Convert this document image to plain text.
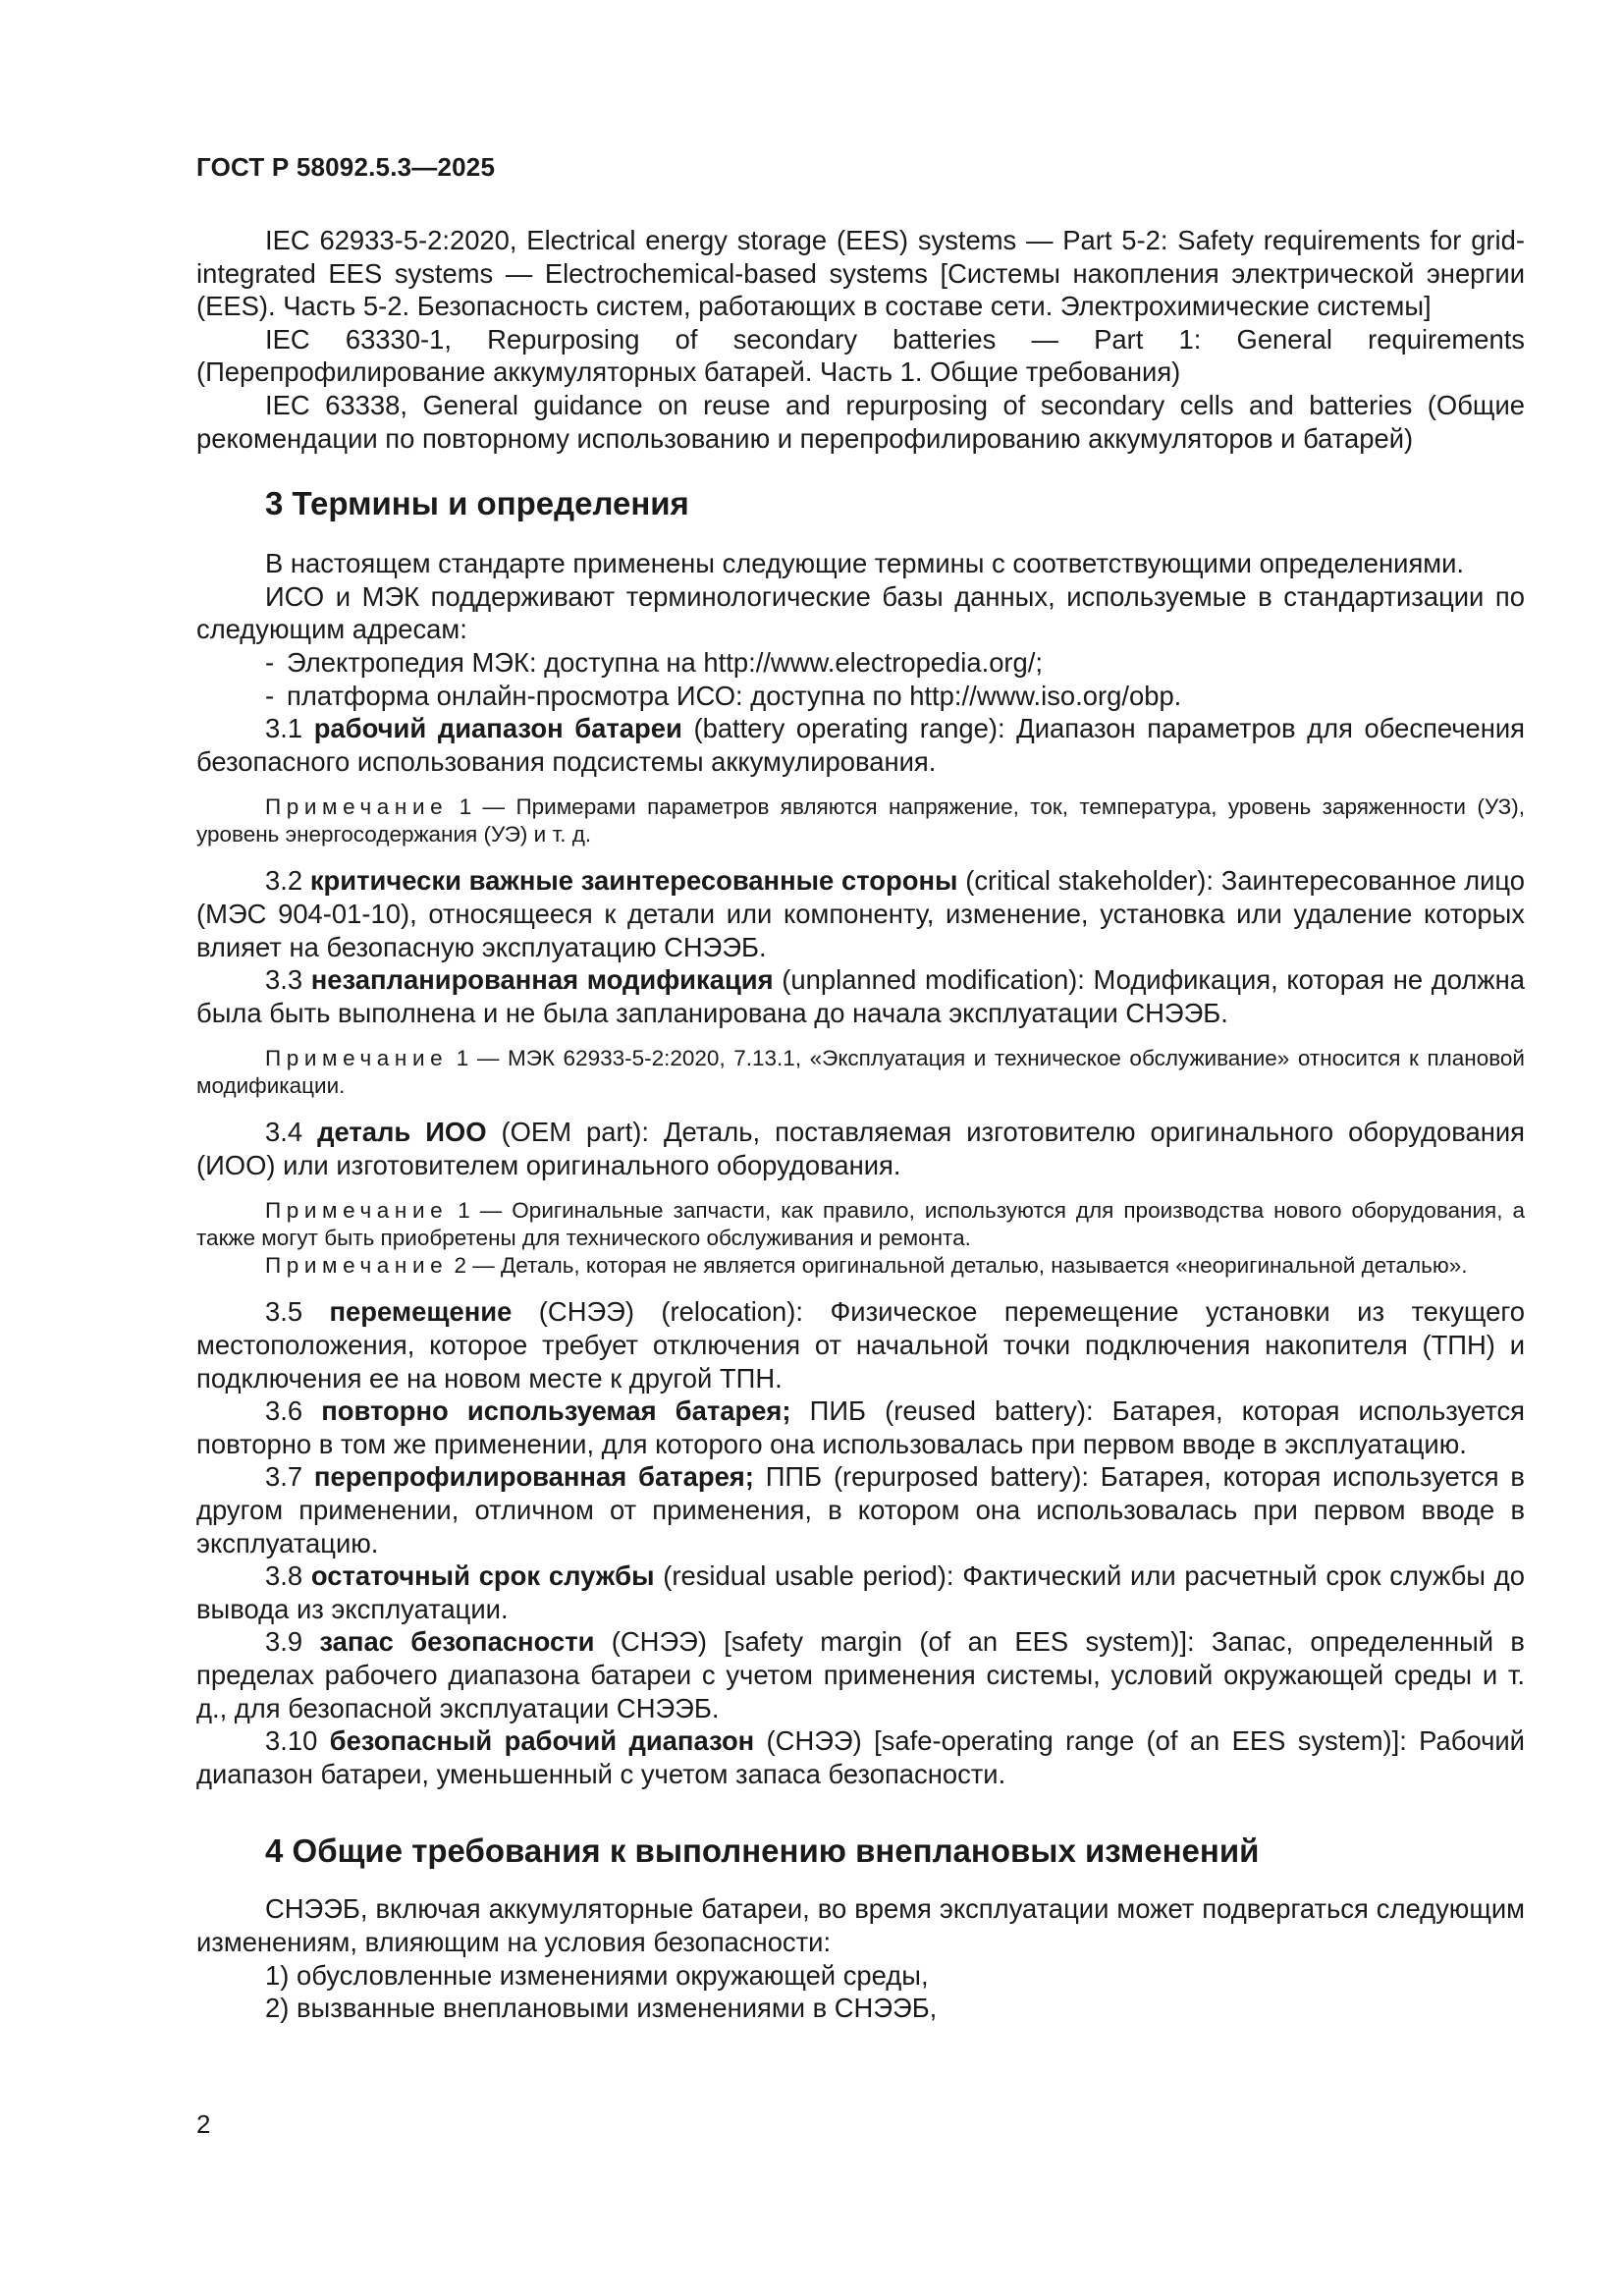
ГОСТ Р 58092.5.3—2025

IEC 62933-5-2:2020, Electrical energy storage (EES) systems — Part 5-2: Safety requirements for grid-integrated EES systems — Electrochemical-based systems [Системы накопления электрической энергии (EES). Часть 5-2. Безопасность систем, работающих в составе сети. Электрохимические системы]

IEC 63330-1, Repurposing of secondary batteries — Part 1: General requirements (Перепрофилирование аккумуляторных батарей. Часть 1. Общие требования)

IEC 63338, General guidance on reuse and repurposing of secondary cells and batteries (Общие рекомендации по повторному использованию и перепрофилированию аккумуляторов и батарей)

3 Термины и определения

В настоящем стандарте применены следующие термины с соответствующими определениями.

ИСО и МЭК поддерживают терминологические базы данных, используемые в стандартизации по следующим адресам:

- Электропедия МЭК: доступна на http://www.electropedia.org/;
- платформа онлайн-просмотра ИСО: доступна по http://www.iso.org/obp.

3.1 рабочий диапазон батареи (battery operating range): Диапазон параметров для обеспечения безопасного использования подсистемы аккумулирования.

Примечание 1 — Примерами параметров являются напряжение, ток, температура, уровень заряженности (УЗ), уровень энергосодержания (УЭ) и т. д.

3.2 критически важные заинтересованные стороны (critical stakeholder): Заинтересованное лицо (МЭС 904-01-10), относящееся к детали или компоненту, изменение, установка или удаление которых влияет на безопасную эксплуатацию СНЭЭБ.

3.3 незапланированная модификация (unplanned modification): Модификация, которая не должна была быть выполнена и не была запланирована до начала эксплуатации СНЭЭБ.

Примечание 1 — МЭК 62933-5-2:2020, 7.13.1, «Эксплуатация и техническое обслуживание» относится к плановой модификации.

3.4 деталь ИОО (OEM part): Деталь, поставляемая изготовителю оригинального оборудования (ИОО) или изготовителем оригинального оборудования.

Примечание 1 — Оригинальные запчасти, как правило, используются для производства нового оборудования, а также могут быть приобретены для технического обслуживания и ремонта.

Примечание 2 — Деталь, которая не является оригинальной деталью, называется «неоригинальной деталью».

3.5 перемещение (СНЭЭ) (relocation): Физическое перемещение установки из текущего местоположения, которое требует отключения от начальной точки подключения накопителя (ТПН) и подключения ее на новом месте к другой ТПН.

3.6 повторно используемая батарея; ПИБ (reused battery): Батарея, которая используется повторно в том же применении, для которого она использовалась при первом вводе в эксплуатацию.

3.7 перепрофилированная батарея; ППБ (repurposed battery): Батарея, которая используется в другом применении, отличном от применения, в котором она использовалась при первом вводе в эксплуатацию.

3.8 остаточный срок службы (residual usable period): Фактический или расчетный срок службы до вывода из эксплуатации.

3.9 запас безопасности (СНЭЭ) [safety margin (of an EES system)]: Запас, определенный в пределах рабочего диапазона батареи с учетом применения системы, условий окружающей среды и т. д., для безопасной эксплуатации СНЭЭБ.

3.10 безопасный рабочий диапазон (СНЭЭ) [safe-operating range (of an EES system)]: Рабочий диапазон батареи, уменьшенный с учетом запаса безопасности.

4 Общие требования к выполнению внеплановых изменений

СНЭЭБ, включая аккумуляторные батареи, во время эксплуатации может подвергаться следующим изменениям, влияющим на условия безопасности:

1) обусловленные изменениями окружающей среды,

2) вызванные внеплановыми изменениями в СНЭЭБ,

2
